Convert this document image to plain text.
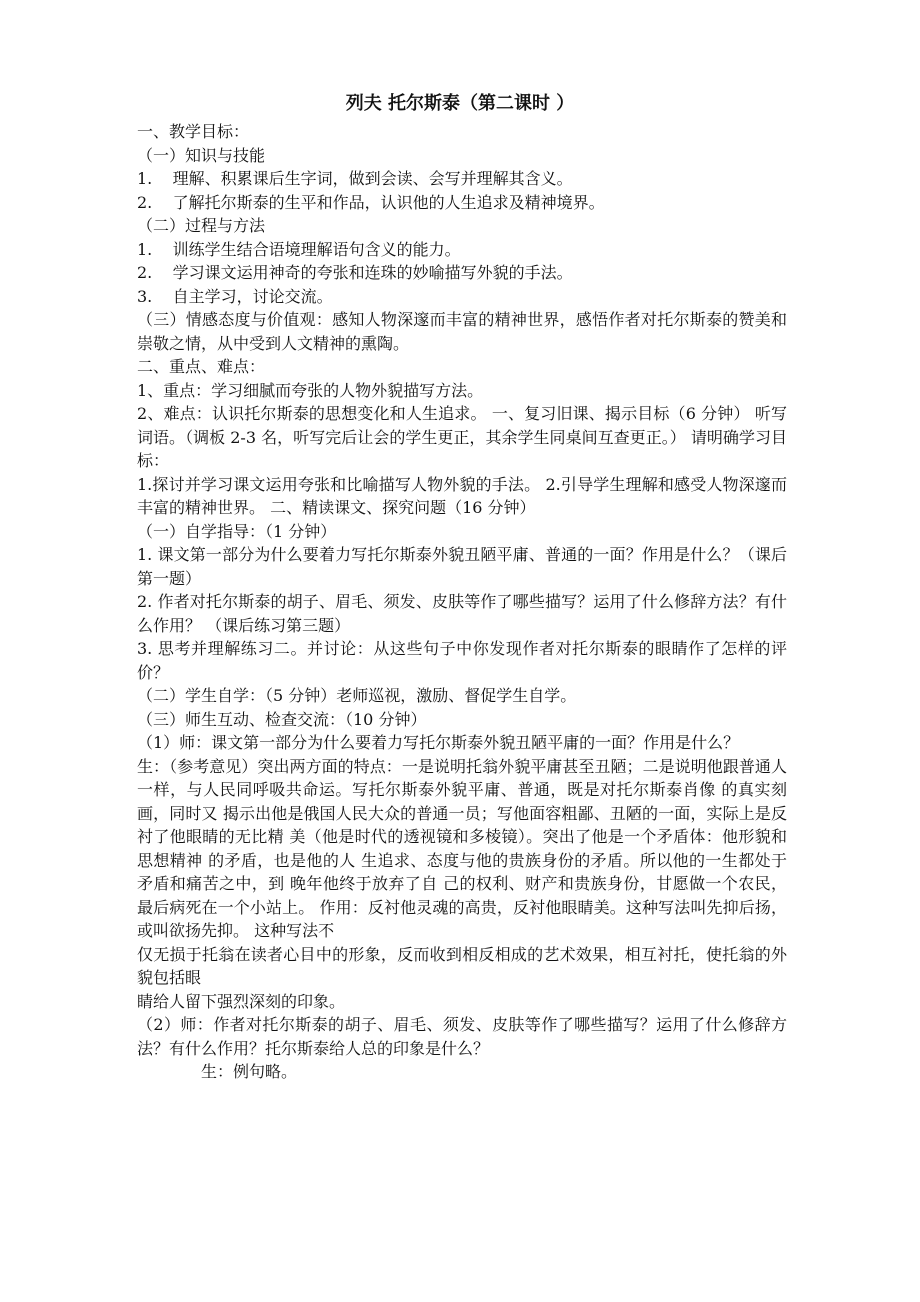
列夫 托尔斯泰（第二课时 ）

一、教学目标：

（一）知识与技能

1.    理解、积累课后生字词，做到会读、会写并理解其含义。

2.    了解托尔斯泰的生平和作品，认识他的人生追求及精神境界。

（二）过程与方法

1.    训练学生结合语境理解语句含义的能力。

2.    学习课文运用神奇的夸张和连珠的妙喻描写外貌的手法。

3.    自主学习，讨论交流。

（三）情感态度与价值观：感知人物深邃而丰富的精神世界，感悟作者对托尔斯泰的赞美和崇敬之情，从中受到人文精神的熏陶。

二、重点、难点：

1、重点：学习细腻而夸张的人物外貌描写方法。

2、难点：认识托尔斯泰的思想变化和人生追求。 一、复习旧课、揭示目标（6 分钟） 听写词语。（调板 2-3 名，听写完后让会的学生更正，其余学生同桌间互查更正。） 请明确学习目标：

1.探讨并学习课文运用夸张和比喻描写人物外貌的手法。 2.引导学生理解和感受人物深邃而丰富的精神世界。 二、精读课文、探究问题（16 分钟）

（一）自学指导：（1 分钟）

1. 课文第一部分为什么要着力写托尔斯泰外貌丑陋平庸、普通的一面？作用是什么？（课后第一题）

2. 作者对托尔斯泰的胡子、眉毛、须发、皮肤等作了哪些描写？运用了什么修辞方法？有什么作用？ （课后练习第三题）

3. 思考并理解练习二。并讨论：从这些句子中你发现作者对托尔斯泰的眼睛作了怎样的评价？

（二）学生自学：（5 分钟）老师巡视，激励、督促学生自学。

（三）师生互动、检查交流：（10 分钟）

（1）师：课文第一部分为什么要着力写托尔斯泰外貌丑陋平庸的一面？作用是什么？

生：（参考意见）突出两方面的特点：一是说明托翁外貌平庸甚至丑陋；二是说明他跟普通人 一样，与人民同呼吸共命运。写托尔斯泰外貌平庸、普通，既是对托尔斯泰肖像 的真实刻画，同时又 揭示出他是俄国人民大众的普通一员；写他面容粗鄙、丑陋的一面，实际上是反 衬了他眼睛的无比精 美（他是时代的透视镜和多棱镜）。突出了他是一个矛盾体：他形貌和思想精神 的矛盾，也是他的人 生追求、态度与他的贵族身份的矛盾。所以他的一生都处于矛盾和痛苦之中，到 晚年他终于放弃了自 己的权利、财产和贵族身份，甘愿做一个农民，最后病死在一个小站上。 作用：反衬他灵魂的高贵，反衬他眼睛美。这种写法叫先抑后扬，或叫欲扬先抑。 这种写法不

仅无损于托翁在读者心目中的形象，反而收到相反相成的艺术效果，相互衬托，使托翁的外貌包括眼

睛给人留下强烈深刻的印象。

（2）师：作者对托尔斯泰的胡子、眉毛、须发、皮肤等作了哪些描写？运用了什么修辞方法？有什么作用？托尔斯泰给人总的印象是什么？

生：例句略。
